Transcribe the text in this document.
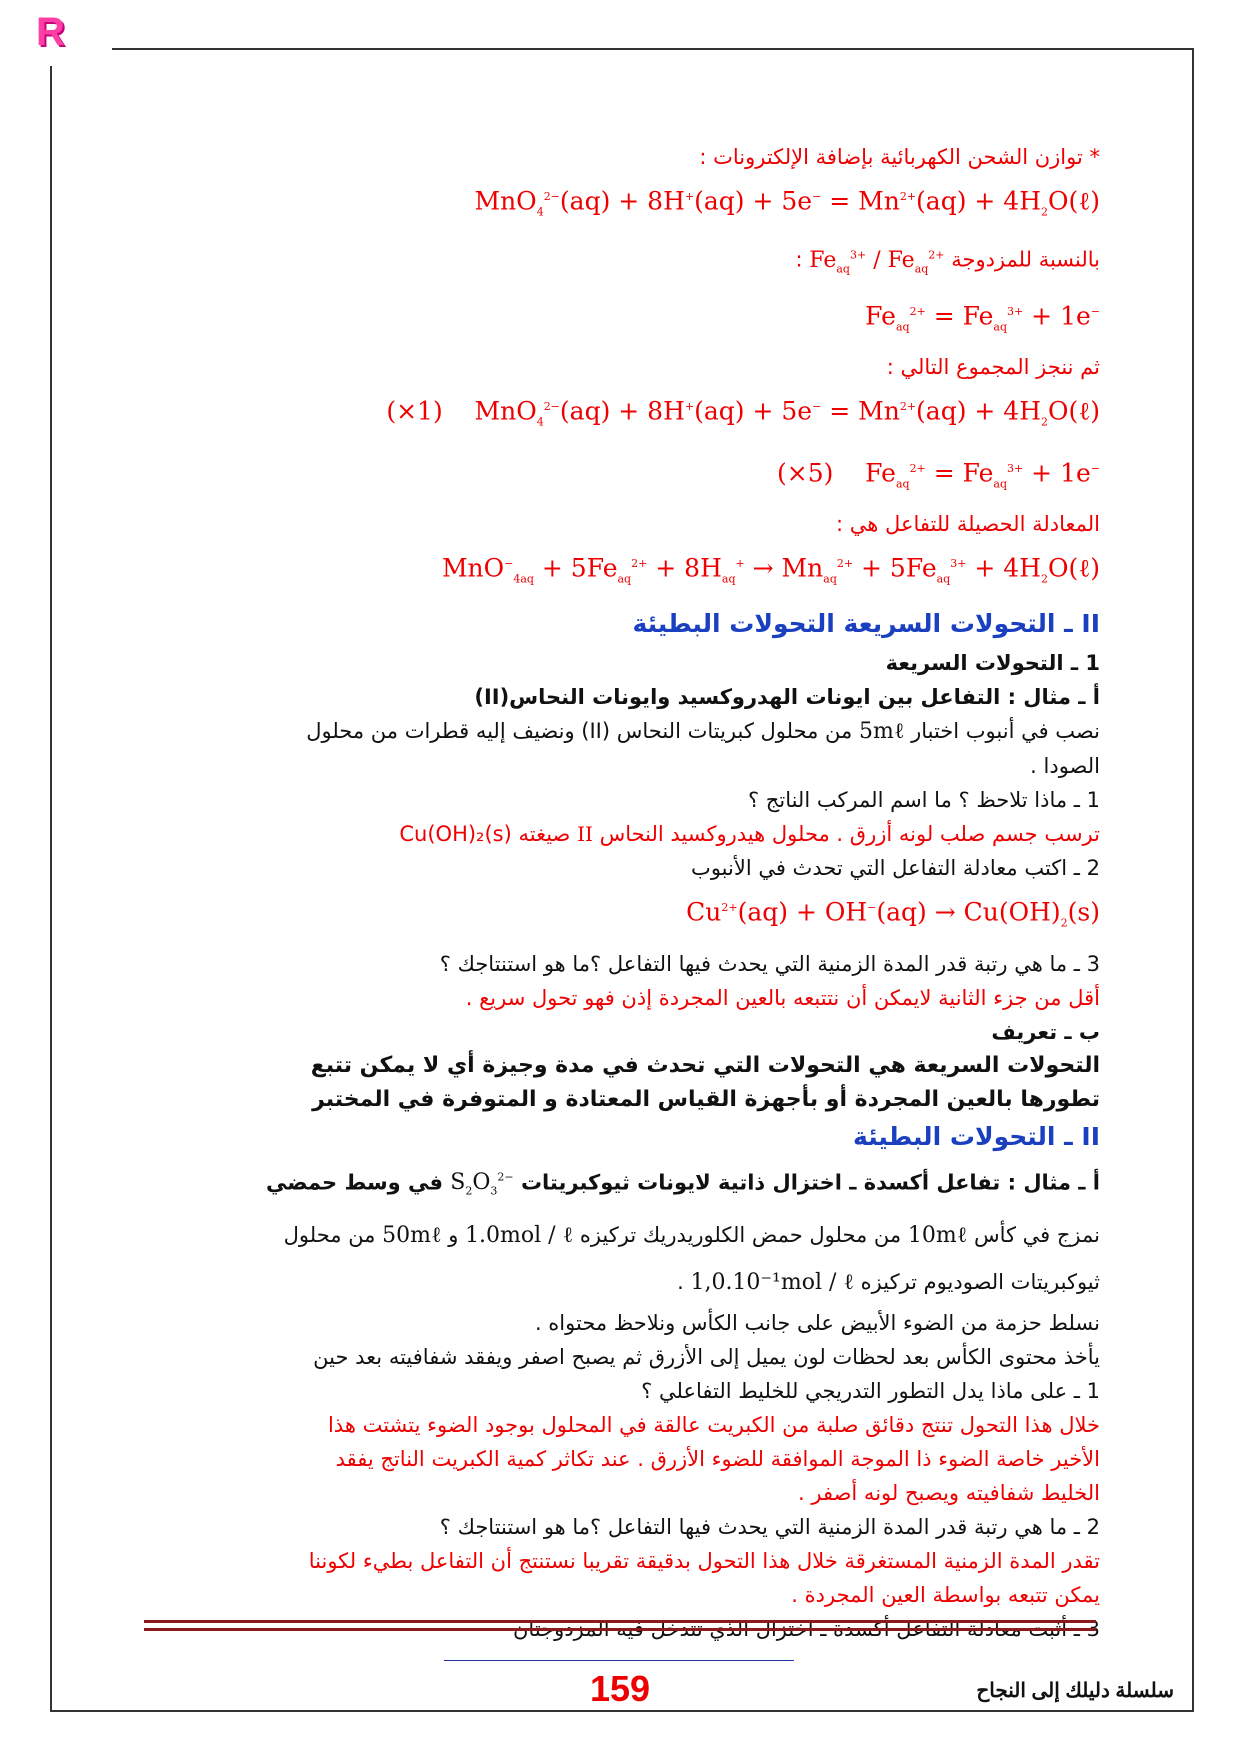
R
* توازن الشحن الكهربائية بإضافة الإلكترونات :
$MnO_4^{2-}(aq) + 8H^+(aq) + 5e^- = Mn^{2+}(aq)$ + $4H_2O(\ell)$
بالنسبة للمزدوجة $Fe_{aq}^{3+} / Fe_{aq}^{2+}$ :
$Fe_{aq}^{2+} = Fe_{aq}^{3+} + 1e^-$
ثم ننجز المجموع التالي :
(×1)    $MnO_4^{2-}(aq) + 8H^+(aq) + 5e^- = Mn^{2+}(aq)$ + $4H_2O(\ell)$
(×5)    $Fe_{aq}^{2+} = Fe_{aq}^{3+} + 1e^-$
المعادلة الحصيلة للتفاعل هي :
$MnO^-_{4aq} + 5Fe_{aq}^{2+} + 8H_{aq}^+ \to Mn_{aq}^{2+} + 5Fe_{aq}^{3+}$ + $4H_2O(\ell)$
II ـ التحولات السريعة التحولات البطيئة
1 ـ التحولات السريعة
أ ـ مثال : التفاعل بين ايونات الهدروكسيد وايونات النحاس(II)
نصب في أنبوب اختبار 5mℓ من محلول كبريتات النحاس (II) ونضيف إليه قطرات من محلول
الصودا .
1 ـ ماذا تلاحظ ؟ ما اسم المركب الناتج ؟
ترسب جسم صلب لونه أزرق . محلول هيدروكسيد النحاس II صيغته Cu(OH)₂(s)
2 ـ اكتب معادلة التفاعل التي تحدث في الأنبوب
$Cu^{2+}(aq) + OH^-(aq) \to Cu(OH)_2(s)$
3 ـ ما هي رتبة قدر المدة الزمنية التي يحدث فيها التفاعل ؟ما هو استنتاجك ؟
أقل من جزء الثانية لايمكن أن نتتبعه بالعين المجردة إذن فهو تحول سريع .
ب ـ تعريف
التحولات السريعة هي التحولات التي تحدث في مدة وجيزة أي لا يمكن تتبع
تطورها بالعين المجردة أو بأجهزة القياس المعتادة و المتوفرة في المختبر
II ـ التحولات البطيئة
أ ـ مثال : تفاعل أكسدة ـ اختزال ذاتية لايونات ثيوكبريتات $S_2O_3^{2-}$ في وسط حمضي
نمزج في كأس 10mℓ من محلول حمض الكلوريدريك تركيزه 1.0mol / ℓ و 50mℓ من محلول
ثيوكبريتات الصوديوم تركيزه 1,0.10⁻¹mol / ℓ .
نسلط حزمة من الضوء الأبيض على جانب الكأس ونلاحظ محتواه .
يأخذ محتوى الكأس بعد لحظات لون يميل إلى الأزرق ثم يصبح اصفر ويفقد شفافيته بعد حين
1 ـ على ماذا يدل التطور التدريجي للخليط التفاعلي ؟
خلال هذا التحول تنتج دقائق صلبة من الكبريت عالقة في المحلول بوجود الضوء يتشتت هذا
الأخير خاصة الضوء ذا الموجة الموافقة للضوء الأزرق . عند تكاثر كمية الكبريت الناتج يفقد
الخليط شفافيته ويصبح لونه أصفر .
2 ـ ما هي رتبة قدر المدة الزمنية التي يحدث فيها التفاعل ؟ما هو استنتاجك ؟
تقدر المدة الزمنية المستغرقة خلال هذا التحول بدقيقة تقريبا نستنتج أن التفاعل بطيء لكوننا
يمكن تتبعه بواسطة العين المجردة .
3 ـ أثبت معادلة التفاعل أكسدة ـ اختزال الذي تتدخل فيه المزدوجتان
159	سلسلة دليلك إلى النجاح
